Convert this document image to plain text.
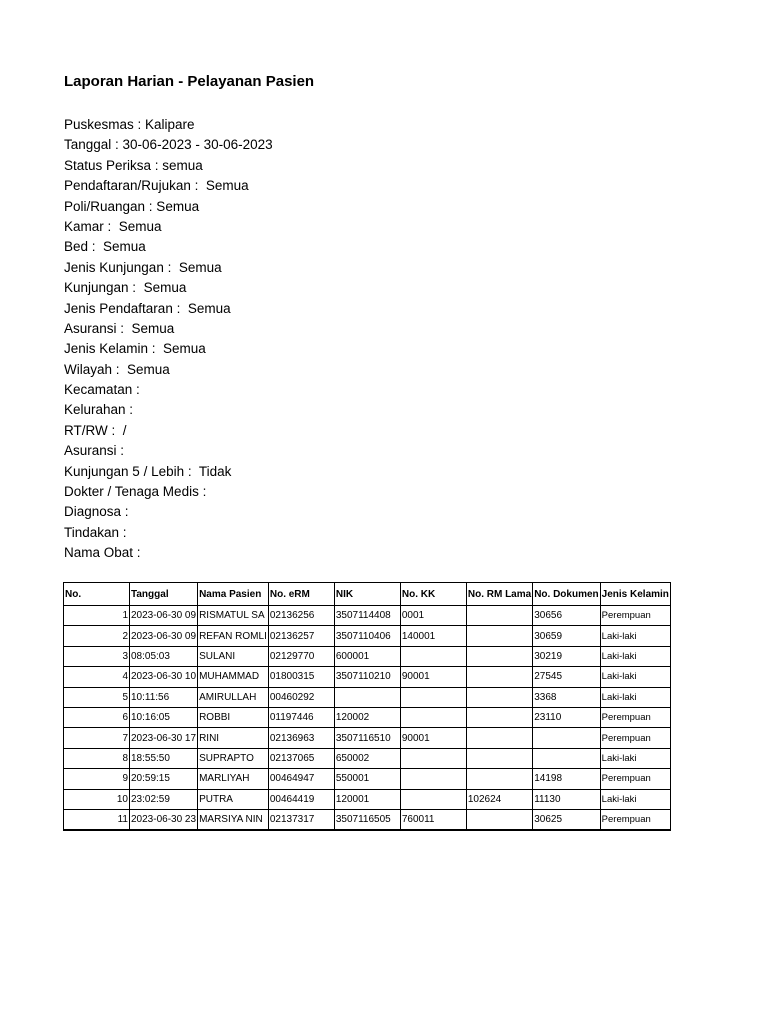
Laporan Harian - Pelayanan Pasien
Puskesmas : Kalipare
Tanggal : 30-06-2023 - 30-06-2023
Status Periksa : semua
Pendaftaran/Rujukan :  Semua
Poli/Ruangan : Semua
Kamar :  Semua
Bed :  Semua
Jenis Kunjungan :  Semua
Kunjungan :  Semua
Jenis Pendaftaran :  Semua
Asuransi :  Semua
Jenis Kelamin :  Semua
Wilayah :  Semua
Kecamatan :
Kelurahan :
RT/RW :  /
Asuransi :
Kunjungan 5 / Lebih :  Tidak
Dokter / Tenaga Medis :
Diagnosa :
Tindakan :
Nama Obat :
No.	Tanggal	Nama Pasien	No. eRM	NIK	No. KK	No. RM Lama	No. Dokumen	Jenis Kelamin
1	2023-06-30 09	RISMATUL SA	02136256	3507114408	0001		30656	Perempuan
2	2023-06-30 09	REFAN ROMLI	02136257	3507110406	140001		30659	Laki-laki
3	08:05:03	SULANI	02129770	600001			30219	Laki-laki
4	2023-06-30 10	MUHAMMAD	01800315	3507110210	90001		27545	Laki-laki
5	10:11:56	AMIRULLAH	00460292				3368	Laki-laki
6	10:16:05	ROBBI	01197446	120002			23110	Perempuan
7	2023-06-30 17	RINI	02136963	3507116510	90001			Perempuan
8	18:55:50	SUPRAPTO	02137065	650002				Laki-laki
9	20:59:15	MARLIYAH	00464947	550001			14198	Perempuan
10	23:02:59	PUTRA	00464419	120001		102624	11130	Laki-laki
11	2023-06-30 23	MARSIYA NIN	02137317	3507116505	760011		30625	Perempuan
